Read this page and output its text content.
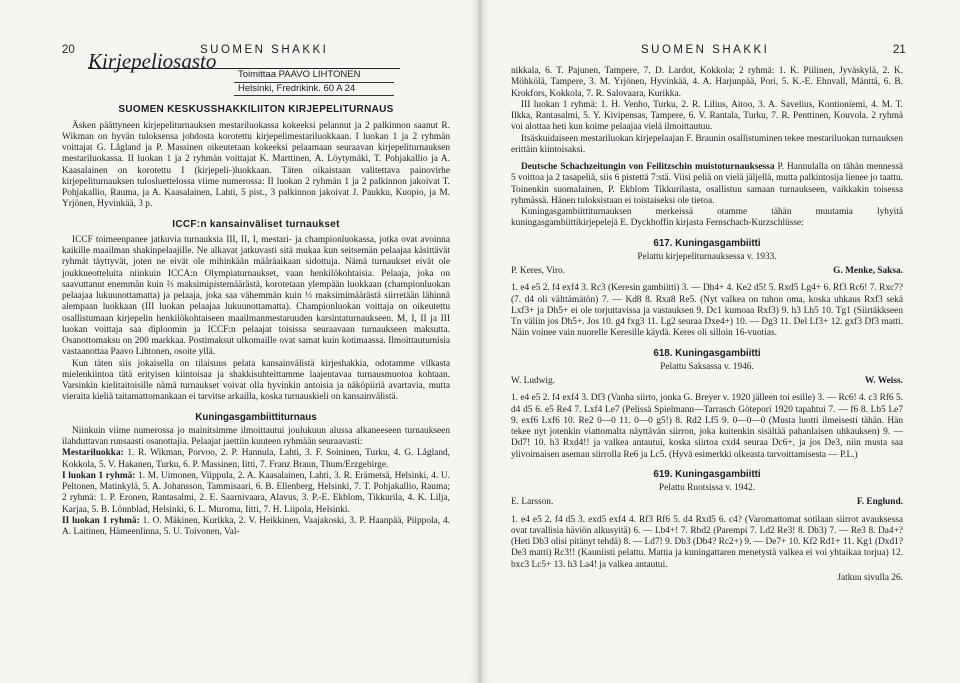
20	SUOMEN SHAKKI
Kirjepeliosasto
Toimittaa PAAVO LIHTONEN
Helsinki, Fredrikink. 60 A 24
SUOMEN KESKUSSHAKKILIITON KIRJEPELITURNAUS

Äsken päättyneen kirjepeliturnauksen mestariluokassa kokeeksi pelannut ja 2 palkinnon saanut R. Wikman on hyvän tuloksensa johdosta korotettu kirjepelimestariluokkaan. I luokan 1 ja 2 ryhmän voittajat G. Lågland ja P. Massinen oikeutetaan kokeeksi pelaamaan seuraavan kirjepeliturnauksen mestariluokassa. II luokan 1 ja 2 ryhmän voittajat K. Marttinen, A. Löytymäki, T. Pohjakallio ja A. Kaasalainen on korotettu I (kirjepeli-)luokkaan. Täten oikaistaan valitettava painovirhe kirjepeliturnauksen tulosluettelossa viime numerossa: II luokan 2 ryhmän 1 ja 2 palkinnon jakoivat T. Pohjakallio, Rauma, ja A. Kaasalainen, Lahti, 5 pist., 3 palkinnon jakoivat J. Paukku, Kuopio, ja M. Yrjönen, Hyvinkää, 3 p.

ICCF:n kansainväliset turnaukset

ICCF toimeenpanee jatkuvia turnauksia III, II, I, mestari- ja championluokassa, jotka ovat avoinna kaikille maailman shakinpelaajille. Ne alkavat jatkuvasti sitä mukaa kun seitsemän pelaajaa käsittävät ryhmät täyttyvät, joten ne eivät ole mihinkään määräaikaan sidottuja. Nämä turnaukset eivät ole joukkueotteluita niinkuin ICCA:n Olympiaturnaukset, vaan henkilökohtaisia. Pelaaja, joka on saavuttanut enemmän kuin ⅔ maksimipistemäärästä, korotetaan ylempään luokkaan (championluokan pelaajaa lukuunottamatta) ja pelaaja, joka saa vähemmän kuin ⅓ maksimimäärästä siirretään lähinnä alempaan luokkaan (III luokan pelaajaa lukuunottamatta). Championluokan voittaja on oikeutettu osallistumaan kirjepelin henkilökohtaiseen maailmanmestaruuden karsintaturnaukseen. M, I, II ja III luokan voittaja saa diploomin ja ICCF:n pelaajat toisissa seuraavaan turnaukseen maksutta. Osanottomaksu on 200 markkaa. Postimaksut ulkomaille ovat samat kuin kotimaassa. Ilmoittautumisia vastaanottaa Paavo Lihtonen, osoite yllä.

Kun täten siis jokaisella on tilaisuus pelata kansainvälistä kirjeshakkia, odotamme vilkasta mielenkiintoa tätä erityisen kiintoisaa ja shakkisuhteittamme laajentavaa turnausmuotoa kohtaan. Varsinkin kielitaitoisille nämä turnaukset voivat olla hyvinkin antoisia ja näköpiiriä avartavia, mutta vieraita kieliä taitamattomankaan ei tarvitse arkailla, koska turnauskieli on kansainvälistä.

Kuningasgambiittiturnaus

Niinkuin viime numerossa jo mainitsimme ilmoittautui joulukuun alussa alkaneeseen turnaukseen ilahduttavan runsaasti osanottajia. Pelaajat jaettiin kuuteen ryhmään seuraavasti:

Mestariluokka: 1. R. Wikman, Porvoo, 2. P. Hannula, Lahti, 3. F. Soininen, Turku, 4. G. Lågland, Kokkola, 5. V. Hakanen, Turku, 6. P. Massinen, Iitti, 7. Franz Braun, Thum/Erzgebirge.

I luokan 1 ryhmä: 1. M. Uimonen, Viippula, 2. A. Kaasalainen, Lahti, 3. R. Erämetsä, Helsinki, 4. U. Peltonen, Matinkylä, 5. A. Johansson, Tammisaari, 6. B. Ellenberg, Helsinki, 7. T. Pohjakallio, Rauma; 2 ryhmä: 1. P. Eronen, Rantasalmi, 2. E. Saarnivaara, Alavus, 3. P.-E. Ekblom, Tikkurila, 4. K. Lilja, Karjaa, 5. B. Lönnblad, Helsinki, 6. L. Muroma, Iitti, 7. H. Liipola, Helsinki.

II luokan 1 ryhmä: 1. O. Mäkinen, Kurikka, 2. V. Heikkinen, Vaajakoski, 3. P. Haanpää, Piippola, 4. A. Laitinen, Hämeenlinna, 5. U. Toivonen, Val-

SUOMEN SHAKKI	21

nikkala, 6. T. Pajunen, Tampere, 7. D. Lardot, Kokkola; 2 ryhmä: 1. K. Piilinen, Jyväskylä, 2. K. Möhkölä, Tampere, 3. M. Yrjönen, Hyvinkää, 4. A. Harjunpää, Pori, 5. K.-E. Ehnvall, Mänttä, 6. B. Krokfors, Kokkola, 7. R. Salovaara, Kurikka.

III luokan 1 ryhmä: 1. H. Venho, Turku, 2. R. Lilius, Aitoo, 3. A. Savelius, Kontioniemi, 4. M. T. Ilkka, Rantasalmi, 5. Y. Kivipensas, Tampere, 6. V. Rantala, Turku, 7. R. Penttinen, Kouvola. 2 ryhmä voi alottaa heti kun koime pelaajaa vielä ilmoittautuu.

Itsäskuidaiseen mestariluokan kirjepelaajan F. Braunin osallistuminen tekee mestariluokan turnauksen erittäin kiintoisaksi.

Deutsche Schachzeitungin von Feilitzschin muistoturnauksessa P. Hannulalla on tähän mennessä 5 voittoa ja 2 tasapeliä, siis 6 pistettä 7:stä. Viisi peliä on vielä jäljellä, mutta palkintosija lienee jo taattu. Toinenkin suomalainen, P. Ekblom Tikkurilasta, osallistuu samaan turnaukseen, vaikkakin toisessa ryhmässä. Hänen tuloksistaan ei toistaiseksi ole tietoa.

Kuningasgambiittiturnauksen merkeissä otamme tähän muutamia lyhyitä kuningasgambiittikirjepelejä E. Dyckhoffin kirjasta Fernschach-Kurzschlüsse:

617. Kuningasgambiitti
Pelattu kirjepeliturnauksessa v. 1933.
P. Keres, Viro.	G. Menke, Saksa.

1. e4 e5 2. f4 exf4 3. Rc3 (Keresin gambiitti) 3. — Dh4+ 4. Ke2 d5! 5. Rxd5 Lg4+ 6. Rf3 Rc6! 7. Rxc7? (7. d4 oli välttämätön) 7. — Kd8 8. Rxa8 Re5. (Nyt valkea on tuhon oma, koska uhkaus Rxf3 sekä Lxf3+ ja Dh5+ ei ole torjuttavissa ja vastauksen 9. Dc1 kumoaa Rxf3) 9. h3 Lh5 10. Tg1 (Siirtäkkseen Tn väliin jos Dh5+. Jos 10. g4 fxg3 11. Lg2 seuraa Dxe4+) 10. — Dg3 11. Del Lf3+ 12. gxf3 Df3 matti. Näin voinee vain nuorelle Keresille käydä. Keres oli silloin 16-vuotias.

618. Kuningasgambiitti
Pelattu Saksassa v. 1946.
W. Ludwig.	W. Weiss.

1. e4 e5 2. f4 exf4 3. Df3 (Vanha siirto, jonka G. Breyer v. 1920 jälleen toi esille) 3. — Rc6! 4. c3 Rf6 5. d4 d5 6. e5 Re4 7. Lxf4 Le7 (Pelissä Spielmann—Tarrasch Göteporí 1920 tapahtui 7. — f6 8. Lb5 Le7 9. exf6 Lxf6 10. Re2 0—0 11. 0—0 g5!) 8. Rd2 Lf5 9. 0—0—0 (Musta luotti ilmeisesti tähän. Hän tekee nyt jotenkin viattomalta näyttävän siirron, joka kuitenkin sisältää pahanlaisen uhkauksen) 9. — Dd7! 10. h3 Rxd4!! ja valkea antautui, koska siirtoa cxd4 seuraa Dc6+, ja jos De3, niin musta saa ylivoimaisen aseman siirrolla Re6 ja Lc5. (Hyvä esimerkki olkeasta tarvoittamisesta — P.L.)

619. Kuningasgambiitti
Pelattu Ruotsissa v. 1942.
E. Larsson.	F. Englund.

1. e4 e5 2. f4 d5 3. exd5 exf4 4. Rf3 Rf6 5. d4 Rxd5 6. c4? (Varomattomat sotilaan siirrot avauksessa ovat tavallisia häviön alkusyitä) 6. — Lb4+! 7. Rbd2 (Parempi 7. Ld2 Re3! 8. Db3) 7. — Re3 8. Da4+? (Heti Db3 olisi pitänyt tehdä) 8. — Ld7! 9. Db3 (Db4? Rc2+) 9. — De7+ 10. Kf2 Rd1+ 11. Kg1 (Dxd1? De3 matti) Rc3!! (Kauniisti pelattu. Mattia ja kuningattaren menetystä valkea ei voi yhtaikaa torjua) 12. bxc3 Lc5+ 13. h3 La4! ja valkea antautui.

Jatkuu sivulla 26.
